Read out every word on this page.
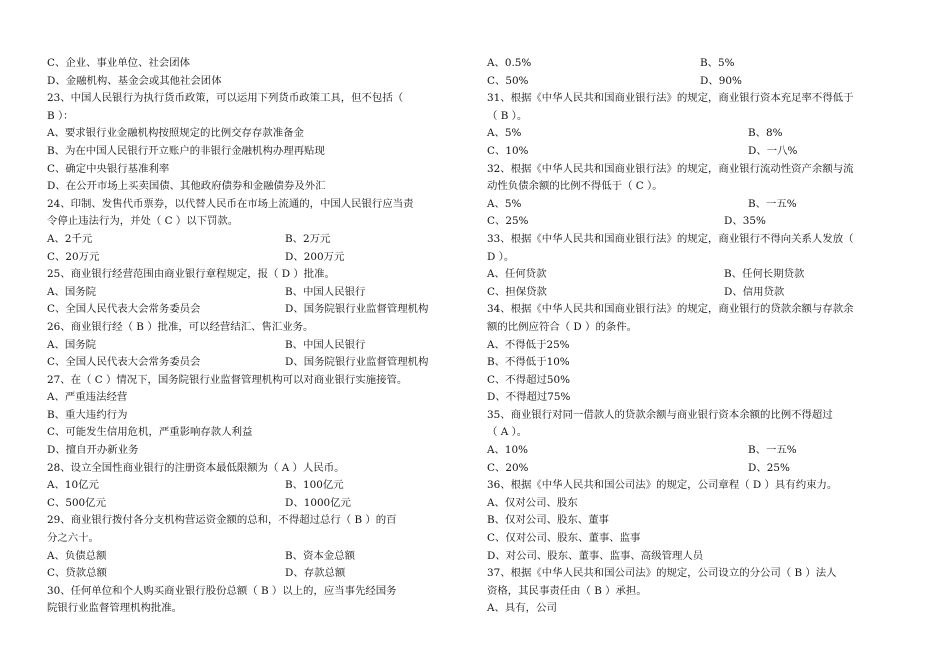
C、企业、事业单位、社会团体
D、金融机构、基金会或其他社会团体
23、中国人民银行为执行货币政策，可以运用下列货币政策工具，但不包括（
B ）：
A、要求银行业金融机构按照规定的比例交存存款准备金
B、为在中国人民银行开立账户的非银行金融机构办理再贴现
C、确定中央银行基准利率
D、在公开市场上买卖国债、其他政府债券和金融债券及外汇
24、印制、发售代币票券，以代替人民币在市场上流通的，中国人民银行应当责
令停止违法行为，并处（ C ）以下罚款。
A、2千元	B、2万元
C、20万元	D、200万元
25、商业银行经营范围由商业银行章程规定，报（ D ）批准。
A、国务院	B、中国人民银行
C、全国人民代表大会常务委员会	D、国务院银行业监督管理机构
26、商业银行经（ B ）批准，可以经营结汇、售汇业务。
A、国务院	B、中国人民银行
C、全国人民代表大会常务委员会	D、国务院银行业监督管理机构
27、在（ C ）情况下，国务院银行业监督管理机构可以对商业银行实施接管。
A、严重违法经营
B、重大违约行为
C、可能发生信用危机，严重影响存款人利益
D、擅自开办新业务
28、设立全国性商业银行的注册资本最低限额为（ A ）人民币。
A、10亿元	B、100亿元
C、500亿元	D、1000亿元
29、商业银行拨付各分支机构营运资金额的总和，不得超过总行（ B ）的百
分之六十。
A、负债总额	B、资本金总额
C、贷款总额	D、存款总额
30、任何单位和个人购买商业银行股份总额（ B ）以上的，应当事先经国务
院银行业监督管理机构批准。
A、0.5%	B、5%
C、50%	D、90%
31、根据《中华人民共和国商业银行法》的规定，商业银行资本充足率不得低于
（ B ）。
A、5%	B、8%
C、10%	D、一八%
32、根据《中华人民共和国商业银行法》的规定，商业银行流动性资产余额与流
动性负债余额的比例不得低于（ C ）。
A、5%	B、一五%
C、25%	D、35%
33、根据《中华人民共和国商业银行法》的规定，商业银行不得向关系人发放（
D ）。
A、任何贷款	B、任何长期贷款
C、担保贷款	D、信用贷款
34、根据《中华人民共和国商业银行法》的规定，商业银行的贷款余额与存款余
额的比例应符合（ D ）的条件。
A、不得低于25%
B、不得低于10%
C、不得超过50%
D、不得超过75%
35、商业银行对同一借款人的贷款余额与商业银行资本余额的比例不得超过
（ A ）。
A、10%	B、一五%
C、20%	D、25%
36、根据《中华人民共和国公司法》的规定，公司章程（ D ）具有约束力。
A、仅对公司、股东
B、仅对公司、股东、董事
C、仅对公司、股东、董事、监事
D、对公司、股东、董事、监事、高级管理人员
37、根据《中华人民共和国公司法》的规定，公司设立的分公司（ B ）法人
资格，其民事责任由（ B ）承担。
A、具有，公司
